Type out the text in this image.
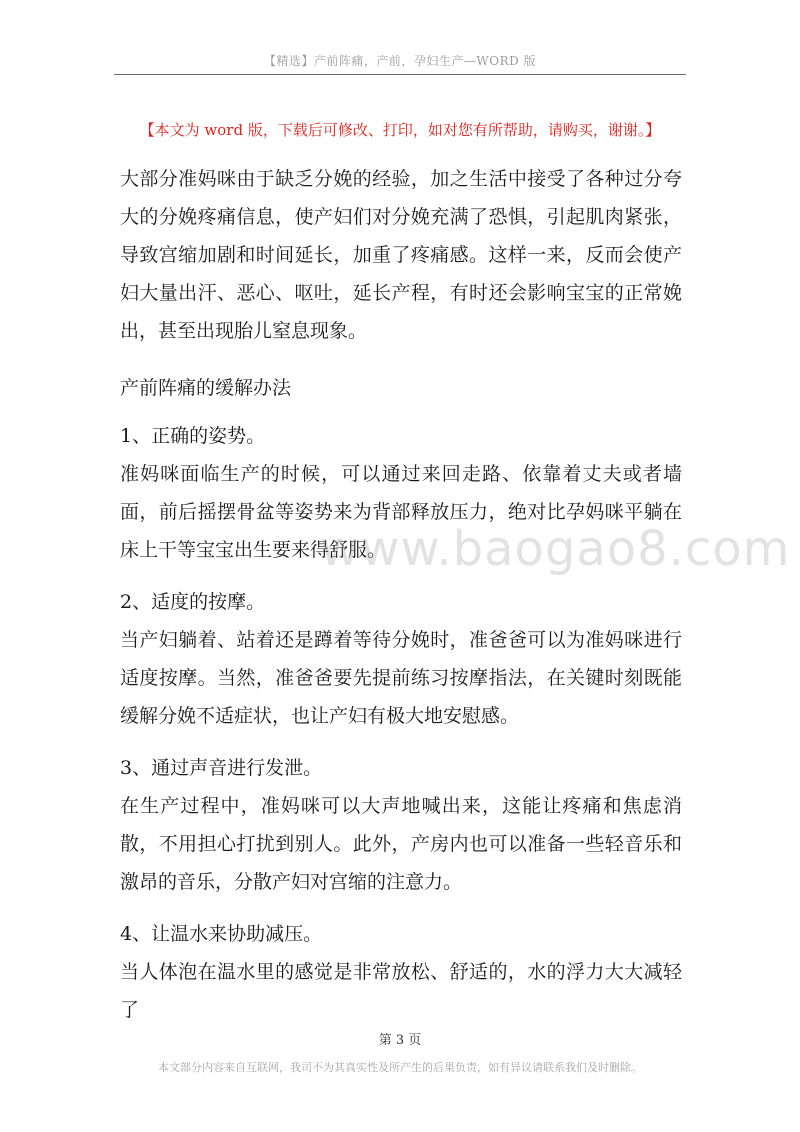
【精选】产前阵痛，产前，孕妇生产—WORD 版
【本文为 word 版，下载后可修改、打印，如对您有所帮助，请购买，谢谢。】

大部分准妈咪由于缺乏分娩的经验，加之生活中接受了各种过分夸大的分娩疼痛信息，使产妇们对分娩充满了恐惧，引起肌肉紧张，导致宫缩加剧和时间延长，加重了疼痛感。这样一来，反而会使产妇大量出汗、恶心、呕吐，延长产程，有时还会影响宝宝的正常娩出，甚至出现胎儿窒息现象。

产前阵痛的缓解办法

1、正确的姿势。

准妈咪面临生产的时候，可以通过来回走路、依靠着丈夫或者墙面，前后摇摆骨盆等姿势来为背部释放压力，绝对比孕妈咪平躺在床上干等宝宝出生要来得舒服。

2、适度的按摩。

当产妇躺着、站着还是蹲着等待分娩时，准爸爸可以为准妈咪进行适度按摩。当然，准爸爸要先提前练习按摩指法，在关键时刻既能缓解分娩不适症状，也让产妇有极大地安慰感。

3、通过声音进行发泄。

在生产过程中，准妈咪可以大声地喊出来，这能让疼痛和焦虑消散，不用担心打扰到别人。此外，产房内也可以准备一些轻音乐和激昂的音乐，分散产妇对宫缩的注意力。

4、让温水来协助减压。

当人体泡在温水里的感觉是非常放松、舒适的，水的浮力大大减轻了

www.baogao8.com
第 3 页
本文部分内容来自互联网，我司不为其真实性及所产生的后果负责，如有异议请联系我们及时删除。
